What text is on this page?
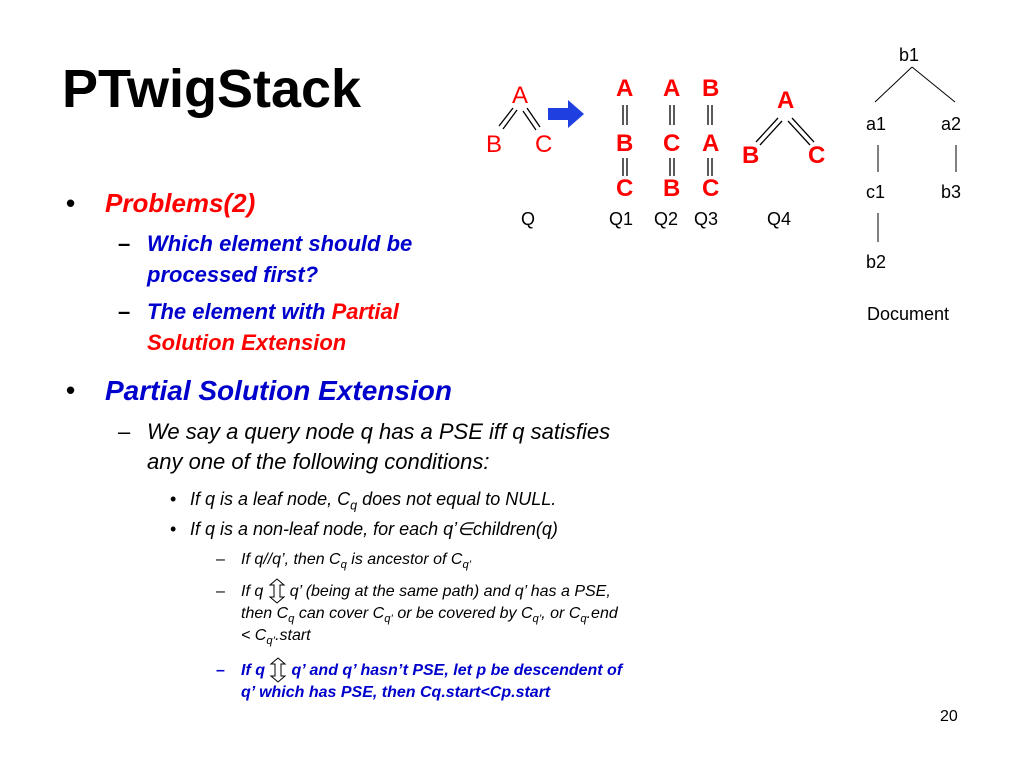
PTwigStack
• Problems(2)
– Which element should be
processed first?
– The element with Partial
Solution Extension
• Partial Solution Extension
– We say a query node q has a PSE iff q satisfies
any one of the following conditions:
• If q is a leaf node, $C_q$ does not equal to NULL.
• If q is a non-leaf node, for each q’∈children(q)
– If q//q’, then $C_q$ is ancestor of $C_{q’}$
– If q q’ (being at the same path) and q’ has a PSE,
then $C_q$ can cover $C_{q’}$ or be covered by $C_{q’}$, or $C_q.end$
< $C_{q’}.start$
– If q q’ and q’ hasn’t PSE, let p be descendent of
q’ which has PSE, then Cq.start<Cp.start
20
A
B C
Q
A
B
C
Q1
A
C
B
Q2
B
A
C
Q3
A
B C
Q4
b1
a1	a2
c1	b3
b2
Document
